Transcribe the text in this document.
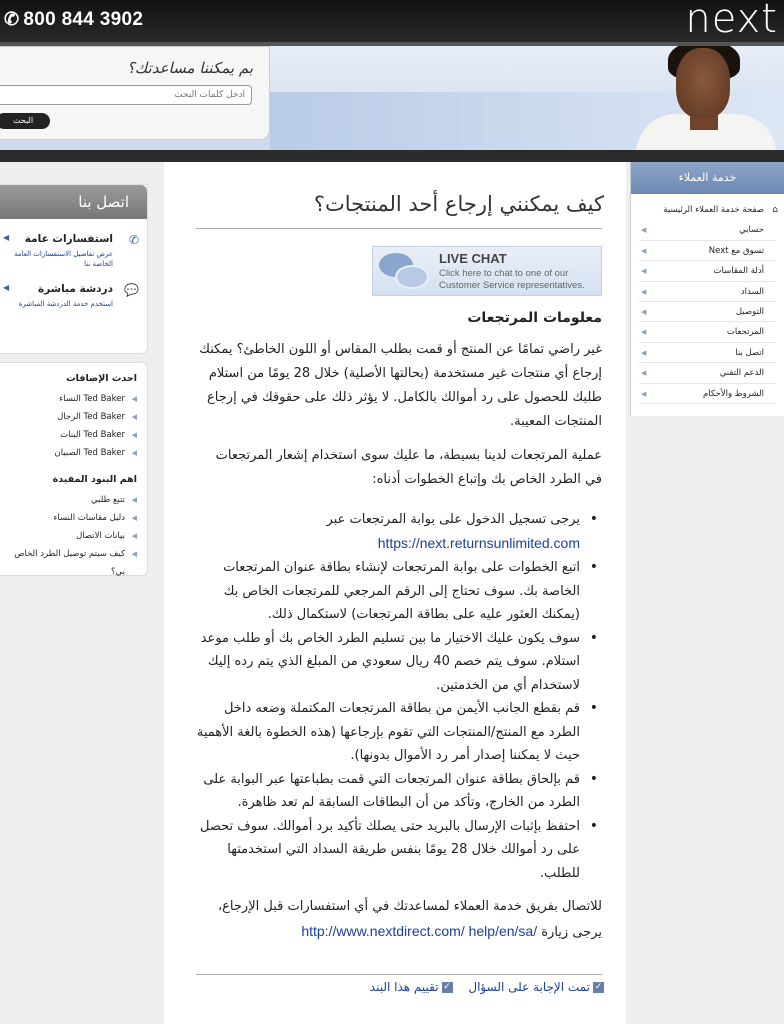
✆ 800 844 3902	next
بم يمكننا مساعدتك؟
أدخل كلمات البحث
البحث
اتصل بنا
✆
◀	استفسارات عامة
عرض تفاصيل الاستفسارات العامة الخاصة بنا
💬
◀	دردشة مباشرة
استخدم خدمة الدردشة المباشرة
احدث الإضافات
◀
Ted Baker النساء
◀
Ted Baker الرجال
◀
Ted Baker البنات
◀
Ted Baker الصبيان
اهم البنود المفيدة
◀
تتبع طلبي
◀
دليل مقاسات النساء
◀
بيانات الاتصال
◀
كيف سيتم توصيل الطرد الخاص بي؟
كيف يمكنني إرجاع أحد المنتجات؟
LIVE CHAT
Click here to chat to one of our Customer Service representatives.
معلومات المرتجعات

غير راضي تمامًا عن المنتج أو قمت بطلب المقاس أو اللون الخاطئ؟ يمكنك إرجاع أي منتجات غير مستخدمة (بحالتها الأصلية) خلال 28 يومًا من استلام طلبك للحصول على رد أموالك بالكامل. لا يؤثر ذلك على حقوقك في إرجاع المنتجات المعيبة.

عملية المرتجعات لدينا بسيطة، ما عليك سوى استخدام إشعار المرتجعات في الطرد الخاص بك وإتباع الخطوات أدناه:

• يرجى تسجيل الدخول على بوابة المرتجعات عبر
https://next.returnsunlimited.com
• اتبع الخطوات على بوابة المرتجعات لإنشاء بطاقة عنوان المرتجعات الخاصة بك. سوف تحتاج إلى الرقم المرجعي للمرتجعات الخاص بك (يمكنك العثور عليه على بطاقة المرتجعات) لاستكمال ذلك.
• سوف يكون عليك الاختيار ما بين تسليم الطرد الخاص بك أو طلب موعد استلام. سوف يتم خصم 40 ريال سعودي من المبلغ الذي يتم رده إليك لاستخدام أي من الخدمتين.
• قم بقطع الجانب الأيمن من بطاقة المرتجعات المكتملة وضعه داخل الطرد مع المنتج/المنتجات التي تقوم بإرجاعها (هذه الخطوة بالغة الأهمية حيث لا يمكننا إصدار أمر رد الأموال بدونها).
• قم بإلحاق بطاقة عنوان المرتجعات التي قمت بطباعتها عبر البوابة على الطرد من الخارج، وتأكد من أن البطاقات السابقة لم تعد ظاهرة.
• احتفظ بإثبات الإرسال بالبريد حتى يصلك تأكيد برد أموالك. سوف تحصل على رد أموالك خلال 28 يومًا بنفس طريقة السداد التي استخدمتها للطلب.

للاتصال بفريق خدمة العملاء لمساعدتك في أي استفسارات قبل الإرجاع، يرجى زيارة http://www.nextdirect.com/ help/en/sa/

✓تمت الإجابة على السؤال ✓تقييم هذا البند
خدمة العملاء
⌂
صفحة خدمة العملاء الرئيسية
◀	حسابي
◀	تسوق مع Next
◀	أدلة المقاسات
◀	السداد
◀	التوصيل
◀	المرتجعات
◀	اتصل بنا
◀	الدعم التقني
◀	الشروط والأحكام
